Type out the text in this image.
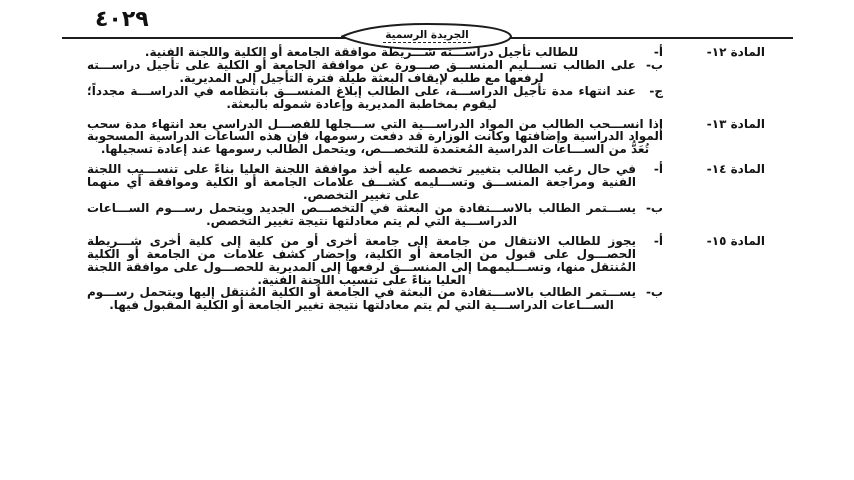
٤٠٢٩
الجريدة الرسمية
المادة ١٢-
أ-

للطالب تأجيل دراســـته شـــريطة موافقة الجامعة أو الكلية واللجنة الفنية.

ب-

على الطالب تســـليم المنســـق صـــورة عن موافقة الجامعة أو الكلية على تأجيل دراســـته لرفعها مع طلبه لإيقاف البعثة طيلة فترة التأجيل إلى المديرية.

ج-

عند انتهاء مدة تأجيل الدراســـة، على الطالب إبلاغ المنســـق بانتظامه في الدراســـة مجدداً؛ ليقوم بمخاطبة المديرية وإعادة شموله بالبعثة.

المادة ١٣-

إذا انســـحب الطالب من المواد الدراســـية التي ســـجلها للفصـــل الدراسي بعد انتهاء مدة سحب المواد الدراسية وإضافتها وكانت الوزارة قد دفعت رسومها، فإن هذه الساعات الدراسية المسحوبة تُعَدُّ من الســـاعات الدراسية المُعتمدة للتخصـــص، ويتحمل الطالب رسومها عند إعادة تسجيلها.

المادة ١٤-
أ-

في حال رغب الطالب بتغيير تخصصه عليه أخذ موافقة اللجنة العليا بناءً على تنســـيب اللجنة الفنية ومراجعة المنســـق وتســـليمه كشـــف علامات الجامعة أو الكلية وموافقة أي منهما على تغيير التخصص.

ب-

يســـتمر الطالب بالاســـتفادة من البعثة في التخصـــص الجديد ويتحمل رســـوم الســـاعات الدراســـية التي لم يتم معادلتها نتيجة تغيير التخصص.

المادة ١٥-
أ-

يجوز للطالب الانتقال من جامعة إلى جامعة أخرى أو من كلية إلى كلية أخرى شـــريطة الحصـــول على قبول من الجامعة أو الكلية، وإحضار كشف علامات من الجامعة أو الكلية المُنتقل منها، وتســـليمهما إلى المنســـق لرفعها إلى المديرية للحصـــول على موافقة اللجنة العليا بناءً على تنسيب اللجنة الفنية.

ب-

يســـتمر الطالب بالاســـتفادة من البعثة في الجامعة أو الكلية المُنتقل إليها ويتحمل رســـوم الســـاعات الدراســـية التي لم يتم معادلتها نتيجة تغيير الجامعة أو الكلية المقبول فيها.
